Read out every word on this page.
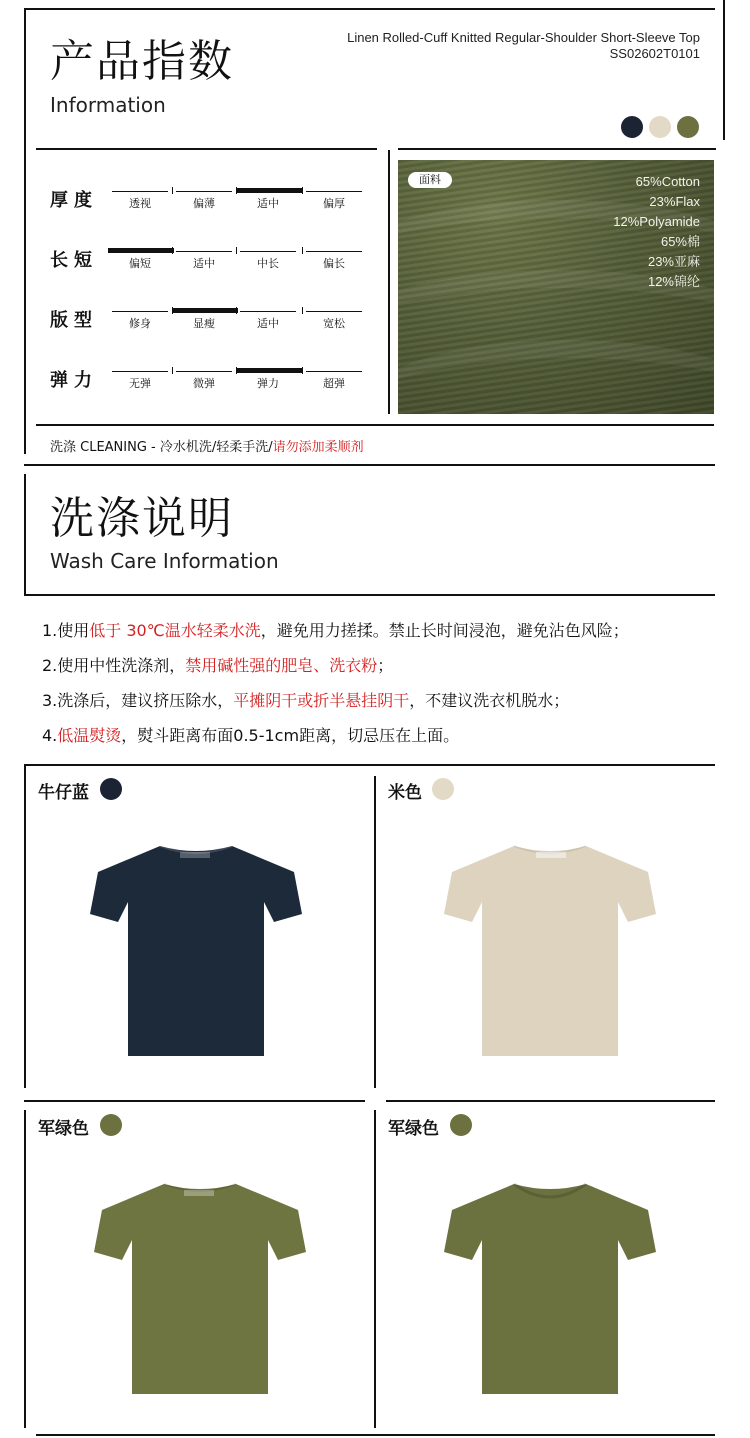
产品指数
Information
Linen Rolled-Cuff Knitted Regular-Shoulder Short-Sleeve Top
SS02602T0101
厚度	透视	偏薄	适中	偏厚
长短	偏短	适中	中长	偏长
版型	修身	显瘦	适中	宽松
弹力	无弹	微弹	弹力	超弹
面料	65%Cotton
23%Flax
12%Polyamide
65%棉
23%亚麻
12%锦纶
洗涤 CLEANING - 冷水机洗/轻柔手洗/请勿添加柔顺剂
洗涤说明
Wash Care Information
1.使用低于 30℃温水轻柔水洗，避免用力搓揉。禁止长时间浸泡，避免沾色风险；
2.使用中性洗涤剂，禁用碱性强的肥皂、洗衣粉；
3.洗涤后，建议挤压除水，平摊阴干或折半悬挂阴干，不建议洗衣机脱水；
4.低温熨烫，熨斗距离布面0.5-1cm距离，切忌压在上面。
牛仔蓝	米色
军绿色	军绿色
